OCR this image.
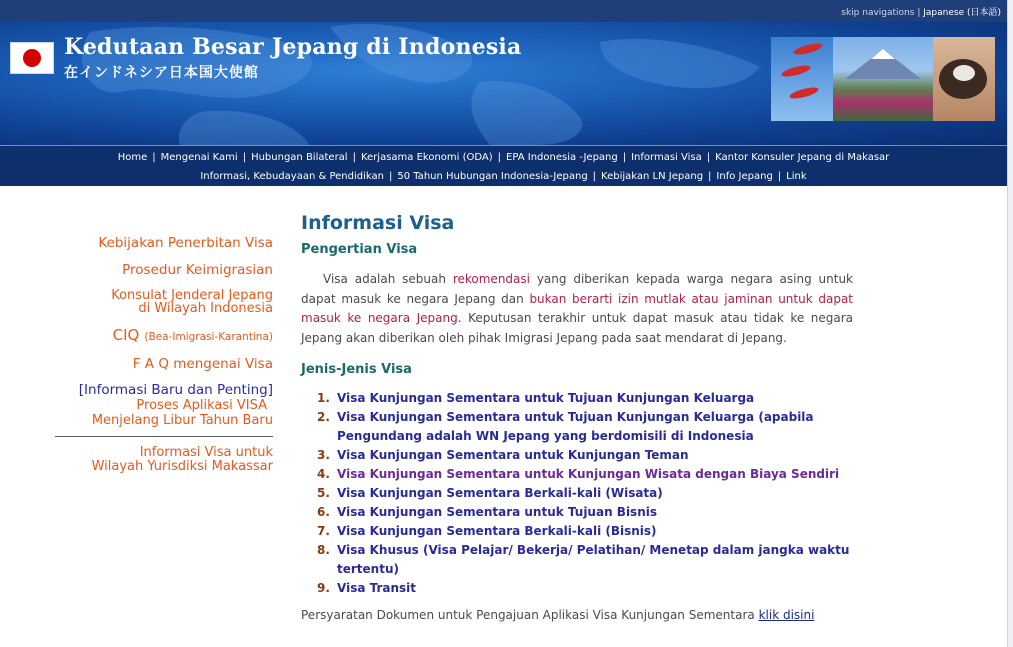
skip navigations | Japanese (日本語)
Kedutaan Besar Jepang di Indonesia
在インドネシア日本国大使館
Home | Mengenai Kami | Hubungan Bilateral | Kerjasama Ekonomi (ODA) | EPA Indonesia -Jepang | Informasi Visa | Kantor Konsuler Jepang di Makasar
Informasi, Kebudayaan & Pendidikan | 50 Tahun Hubungan Indonesia-Jepang | Kebijakan LN Jepang | Info Jepang | Link
Kebijakan Penerbitan Visa
Prosedur Keimigrasian
Konsulat Jenderal Jepang
di Wilayah Indonesia
CIQ (Bea-Imigrasi-Karantina)
F A Q mengenai Visa
[Informasi Baru dan Penting]
Proses Aplikasi VISA
Menjelang Libur Tahun Baru
Informasi Visa untuk
Wilayah Yurisdiksi Makassar
Informasi Visa
Pengertian Visa
Visa adalah sebuah rekomendasi yang diberikan kepada warga negara asing untuk dapat masuk ke negara Jepang dan bukan berarti izin mutlak atau jaminan untuk dapat masuk ke negara Jepang. Keputusan terakhir untuk dapat masuk atau tidak ke negara Jepang akan diberikan oleh pihak Imigrasi Jepang pada saat mendarat di Jepang.
Jenis-Jenis Visa
1. Visa Kunjungan Sementara untuk Tujuan Kunjungan Keluarga
2. Visa Kunjungan Sementara untuk Tujuan Kunjungan Keluarga (apabila Pengundang adalah WN Jepang yang berdomisili di Indonesia
3. Visa Kunjungan Sementara untuk Kunjungan Teman
4. Visa Kunjungan Sementara untuk Kunjungan Wisata dengan Biaya Sendiri
5. Visa Kunjungan Sementara Berkali-kali (Wisata)
6. Visa Kunjungan Sementara untuk Tujuan Bisnis
7. Visa Kunjungan Sementara Berkali-kali (Bisnis)
8. Visa Khusus (Visa Pelajar/ Bekerja/ Pelatihan/ Menetap dalam jangka waktu tertentu)
9. Visa Transit
Persyaratan Dokumen untuk Pengajuan Aplikasi Visa Kunjungan Sementara klik disini
